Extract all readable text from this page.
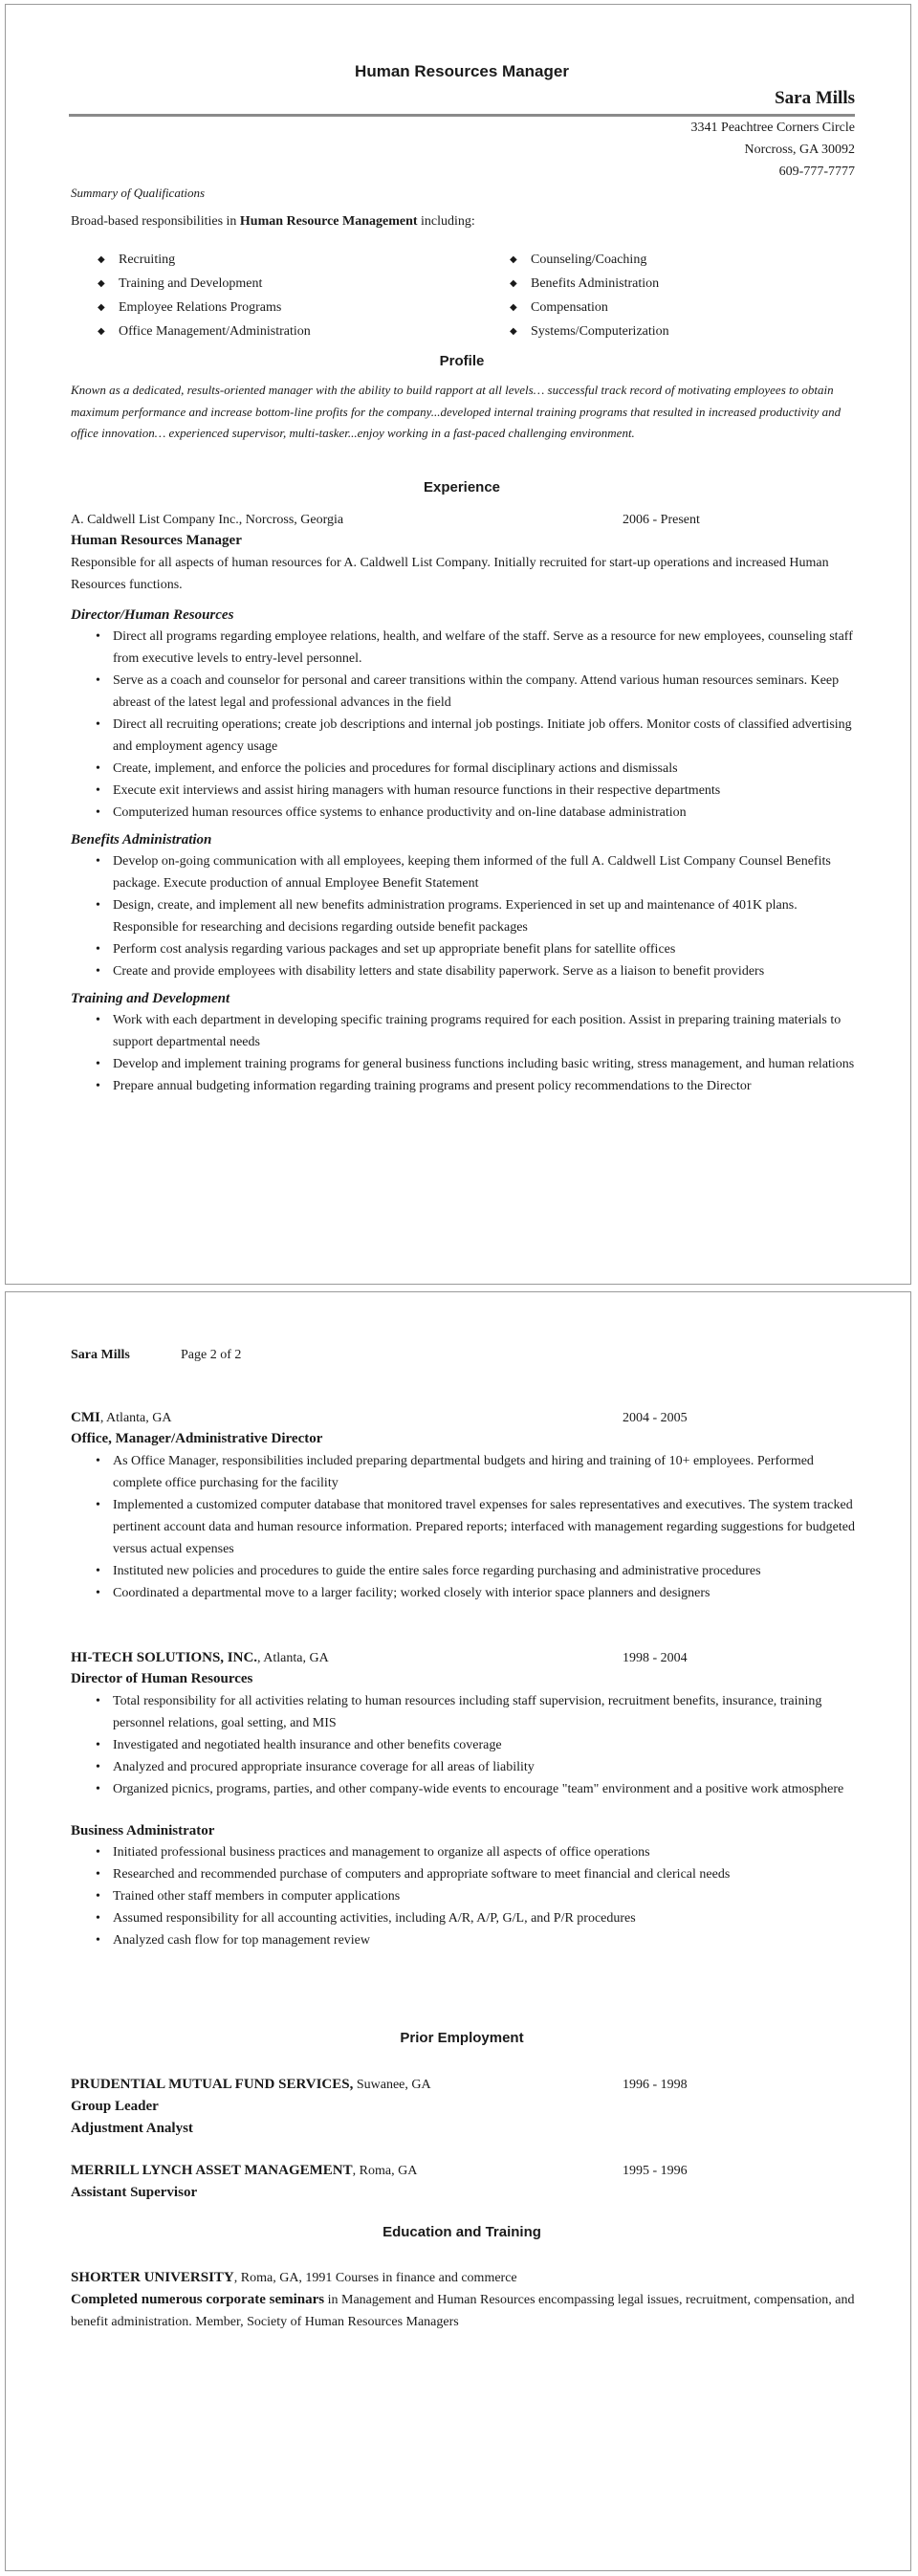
Human Resources Manager
Sara Mills
3341 Peachtree Corners Circle
Norcross, GA 30092
609-777-7777
Summary of Qualifications

Broad-based responsibilities in Human Resource Management including:

◆ Recruiting
◆ Training and Development
◆ Employee Relations Programs
◆ Office Management/Administration
◆ Counseling/Coaching
◆ Benefits Administration
◆ Compensation
◆ Systems/Computerization
Profile

Known as a dedicated, results-oriented manager with the ability to build rapport at all levels… successful track record of motivating employees to obtain maximum performance and increase bottom-line profits for the company...developed internal training programs that resulted in increased productivity and office innovation… experienced supervisor, multi-tasker...enjoy working in a fast-paced challenging environment.

Experience
A. Caldwell List Company Inc., Norcross, Georgia	2006 - Present
Human Resources Manager

Responsible for all aspects of human resources for A. Caldwell List Company. Initially recruited for start-up operations and increased Human Resources functions.

Director/Human Resources
• Direct all programs regarding employee relations, health, and welfare of the staff. Serve as a resource for new employees, counseling staff from executive levels to entry-level personnel.
• Serve as a coach and counselor for personal and career transitions within the company. Attend various human resources seminars. Keep abreast of the latest legal and professional advances in the field
• Direct all recruiting operations; create job descriptions and internal job postings. Initiate job offers. Monitor costs of classified advertising and employment agency usage
• Create, implement, and enforce the policies and procedures for formal disciplinary actions and dismissals
• Execute exit interviews and assist hiring managers with human resource functions in their respective departments
• Computerized human resources office systems to enhance productivity and on-line database administration
Benefits Administration
• Develop on-going communication with all employees, keeping them informed of the full A. Caldwell List Company Counsel Benefits package. Execute production of annual Employee Benefit Statement
• Design, create, and implement all new benefits administration programs. Experienced in set up and maintenance of 401K plans. Responsible for researching and decisions regarding outside benefit packages
• Perform cost analysis regarding various packages and set up appropriate benefit plans for satellite offices
• Create and provide employees with disability letters and state disability paperwork. Serve as a liaison to benefit providers
Training and Development
• Work with each department in developing specific training programs required for each position. Assist in preparing training materials to support departmental needs
• Develop and implement training programs for general business functions including basic writing, stress management, and human relations
• Prepare annual budgeting information regarding training programs and present policy recommendations to the Director
Sara Mills	Page 2 of 2
CMI, Atlanta, GA	2004 - 2005
Office, Manager/Administrative Director
• As Office Manager, responsibilities included preparing departmental budgets and hiring and training of 10+ employees. Performed complete office purchasing for the facility
• Implemented a customized computer database that monitored travel expenses for sales representatives and executives. The system tracked pertinent account data and human resource information. Prepared reports; interfaced with management regarding suggestions for budgeted versus actual expenses
• Instituted new policies and procedures to guide the entire sales force regarding purchasing and administrative procedures
• Coordinated a departmental move to a larger facility; worked closely with interior space planners and designers
HI-TECH SOLUTIONS, INC., Atlanta, GA	1998 - 2004
Director of Human Resources
• Total responsibility for all activities relating to human resources including staff supervision, recruitment benefits, insurance, training personnel relations, goal setting, and MIS
• Investigated and negotiated health insurance and other benefits coverage
• Analyzed and procured appropriate insurance coverage for all areas of liability
• Organized picnics, programs, parties, and other company-wide events to encourage "team" environment and a positive work atmosphere
Business Administrator
• Initiated professional business practices and management to organize all aspects of office operations
• Researched and recommended purchase of computers and appropriate software to meet financial and clerical needs
• Trained other staff members in computer applications
• Assumed responsibility for all accounting activities, including A/R, A/P, G/L, and P/R procedures
• Analyzed cash flow for top management review
Prior Employment
PRUDENTIAL MUTUAL FUND SERVICES, Suwanee, GA	1996 - 1998
Group Leader
Adjustment Analyst
MERRILL LYNCH ASSET MANAGEMENT, Roma, GA	1995 - 1996
Assistant Supervisor
Education and Training

SHORTER UNIVERSITY, Roma, GA, 1991 Courses in finance and commerce

Completed numerous corporate seminars in Management and Human Resources encompassing legal issues, recruitment, compensation, and benefit administration. Member, Society of Human Resources Managers
